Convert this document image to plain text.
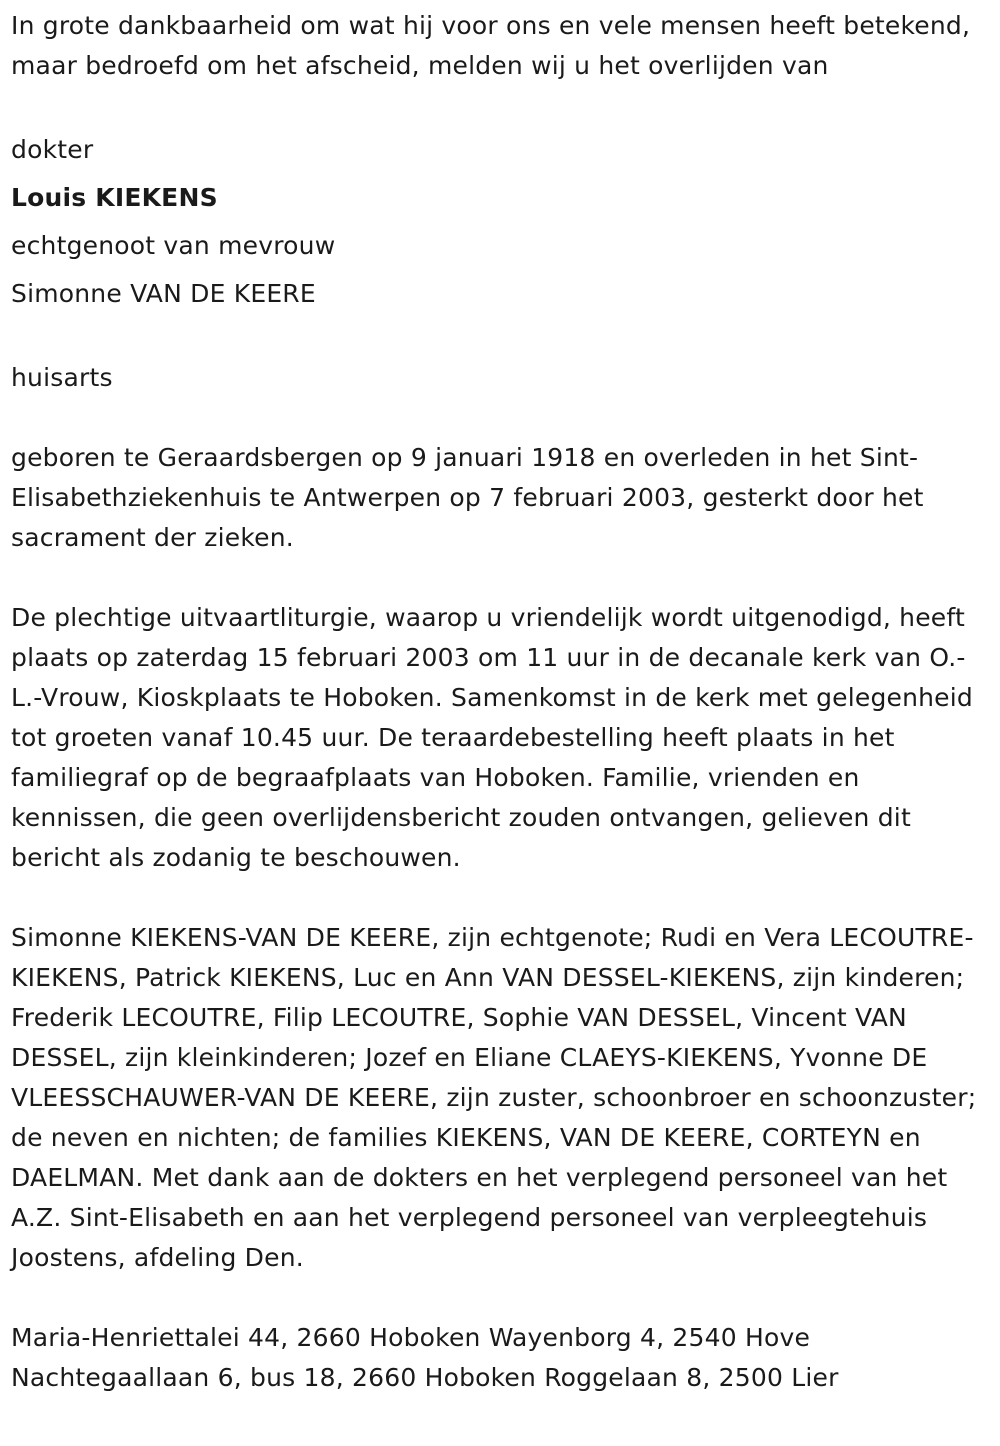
In grote dankbaarheid om wat hij voor ons en vele mensen heeft betekend, maar bedroefd om het afscheid, melden wij u het overlijden van

dokter

Louis KIEKENS

echtgenoot van mevrouw

Simonne VAN DE KEERE

huisarts

geboren te Geraardsbergen op 9 januari 1918 en overleden in het Sint-Elisabethziekenhuis te Antwerpen op 7 februari 2003, gesterkt door het sacrament der zieken.

De plechtige uitvaartliturgie, waarop u vriendelijk wordt uitgenodigd, heeft plaats op zaterdag 15 februari 2003 om 11 uur in de decanale kerk van O.-L.-Vrouw, Kioskplaats te Hoboken. Samenkomst in de kerk met gelegenheid tot groeten vanaf 10.45 uur. De teraardebestelling heeft plaats in het familiegraf op de begraafplaats van Hoboken. Familie, vrienden en kennissen, die geen overlijdensbericht zouden ontvangen, gelieven dit bericht als zodanig te beschouwen.

Simonne KIEKENS-VAN DE KEERE, zijn echtgenote; Rudi en Vera LECOUTRE-KIEKENS, Patrick KIEKENS, Luc en Ann VAN DESSEL-KIEKENS, zijn kinderen; Frederik LECOUTRE, Filip LECOUTRE, Sophie VAN DESSEL, Vincent VAN DESSEL, zijn kleinkinderen; Jozef en Eliane CLAEYS-KIEKENS, Yvonne DE VLEESSCHAUWER-VAN DE KEERE, zijn zuster, schoonbroer en schoonzuster; de neven en nichten; de families KIEKENS, VAN DE KEERE, CORTEYN en DAELMAN. Met dank aan de dokters en het verplegend personeel van het A.Z. Sint-Elisabeth en aan het verplegend personeel van verpleegtehuis Joostens, afdeling Den.

Maria-Henriettalei 44, 2660 Hoboken Wayenborg 4, 2540 Hove

Nachtegaallaan 6, bus 18, 2660 Hoboken Roggelaan 8, 2500 Lier
